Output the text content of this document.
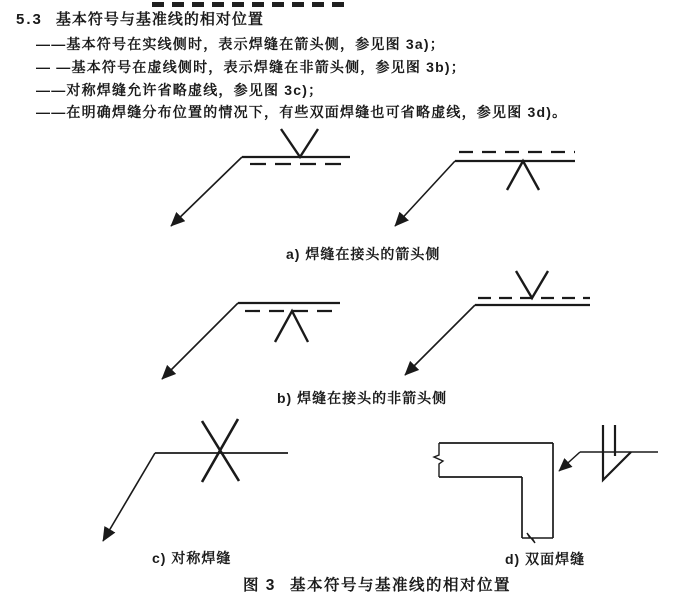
5.3 基本符号与基准线的相对位置
——基本符号在实线侧时，表示焊缝在箭头侧，参见图 3a)；
— —基本符号在虚线侧时，表示焊缝在非箭头侧，参见图 3b)；
——对称焊缝允许省略虚线，参见图 3c)；
——在明确焊缝分布位置的情况下，有些双面焊缝也可省略虚线，参见图 3d)。
a) 焊缝在接头的箭头侧
b) 焊缝在接头的非箭头侧
c) 对称焊缝	d) 双面焊缝
图 3 基本符号与基准线的相对位置
